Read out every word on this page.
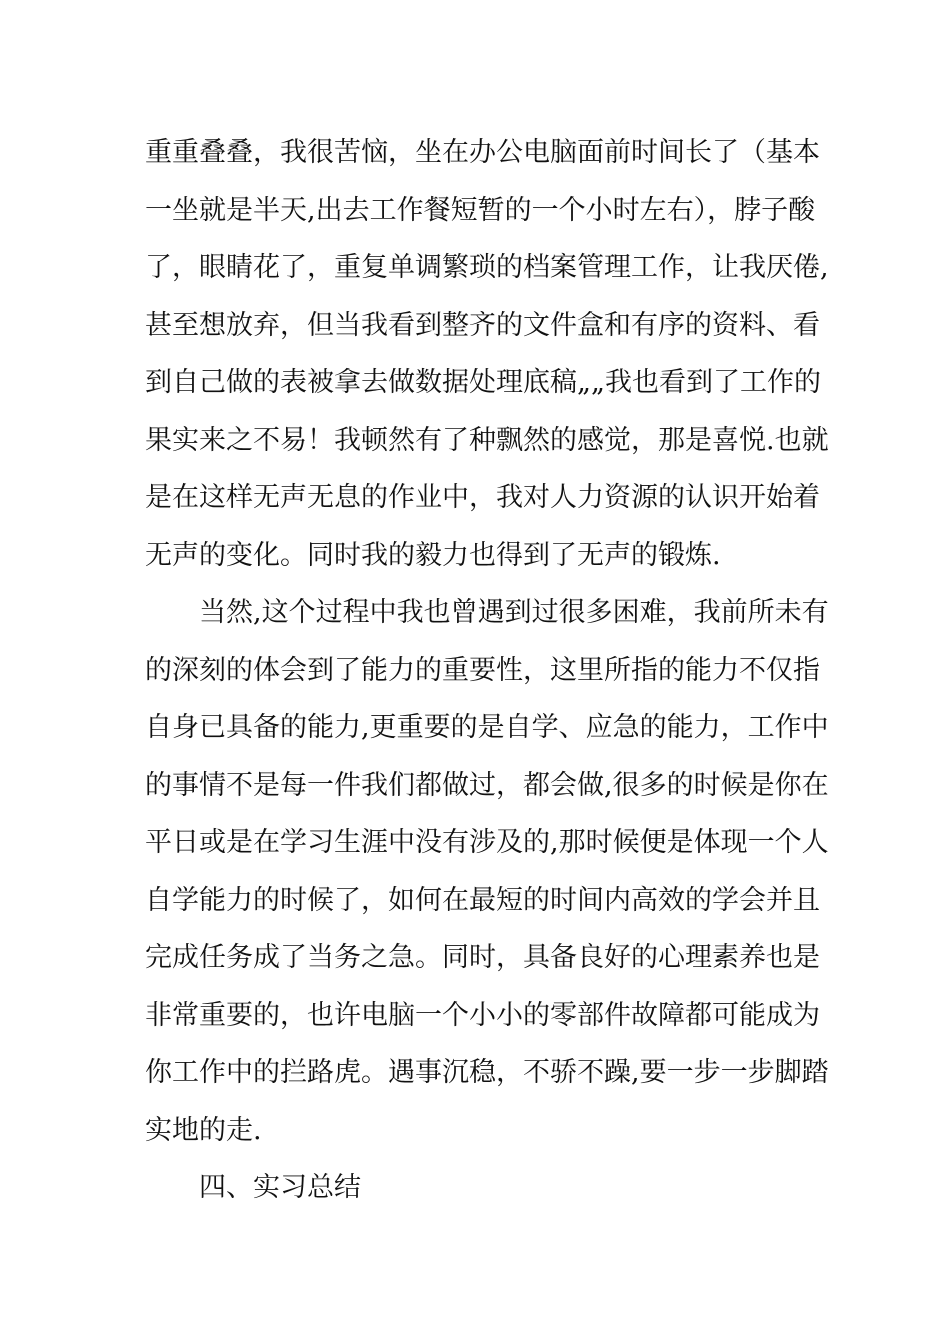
重重叠叠，我很苦恼，坐在办公电脑面前时间长了（基本
一坐就是半天,出去工作餐短暂的一个小时左右），脖子酸
了，眼睛花了，重复单调繁琐的档案管理工作，让我厌倦,
甚至想放弃，但当我看到整齐的文件盒和有序的资料、看
到自己做的表被拿去做数据处理底稿„„我也看到了工作的
果实来之不易！我顿然有了种飘然的感觉，那是喜悦.也就
是在这样无声无息的作业中，我对人力资源的认识开始着
无声的变化。同时我的毅力也得到了无声的锻炼.
当然,这个过程中我也曾遇到过很多困难，我前所未有
的深刻的体会到了能力的重要性，这里所指的能力不仅指
自身已具备的能力,更重要的是自学、应急的能力，工作中
的事情不是每一件我们都做过，都会做,很多的时候是你在
平日或是在学习生涯中没有涉及的,那时候便是体现一个人
自学能力的时候了，如何在最短的时间内高效的学会并且
完成任务成了当务之急。同时，具备良好的心理素养也是
非常重要的，也许电脑一个小小的零部件故障都可能成为
你工作中的拦路虎。遇事沉稳，不骄不躁,要一步一步脚踏
实地的走.
四、实习总结
